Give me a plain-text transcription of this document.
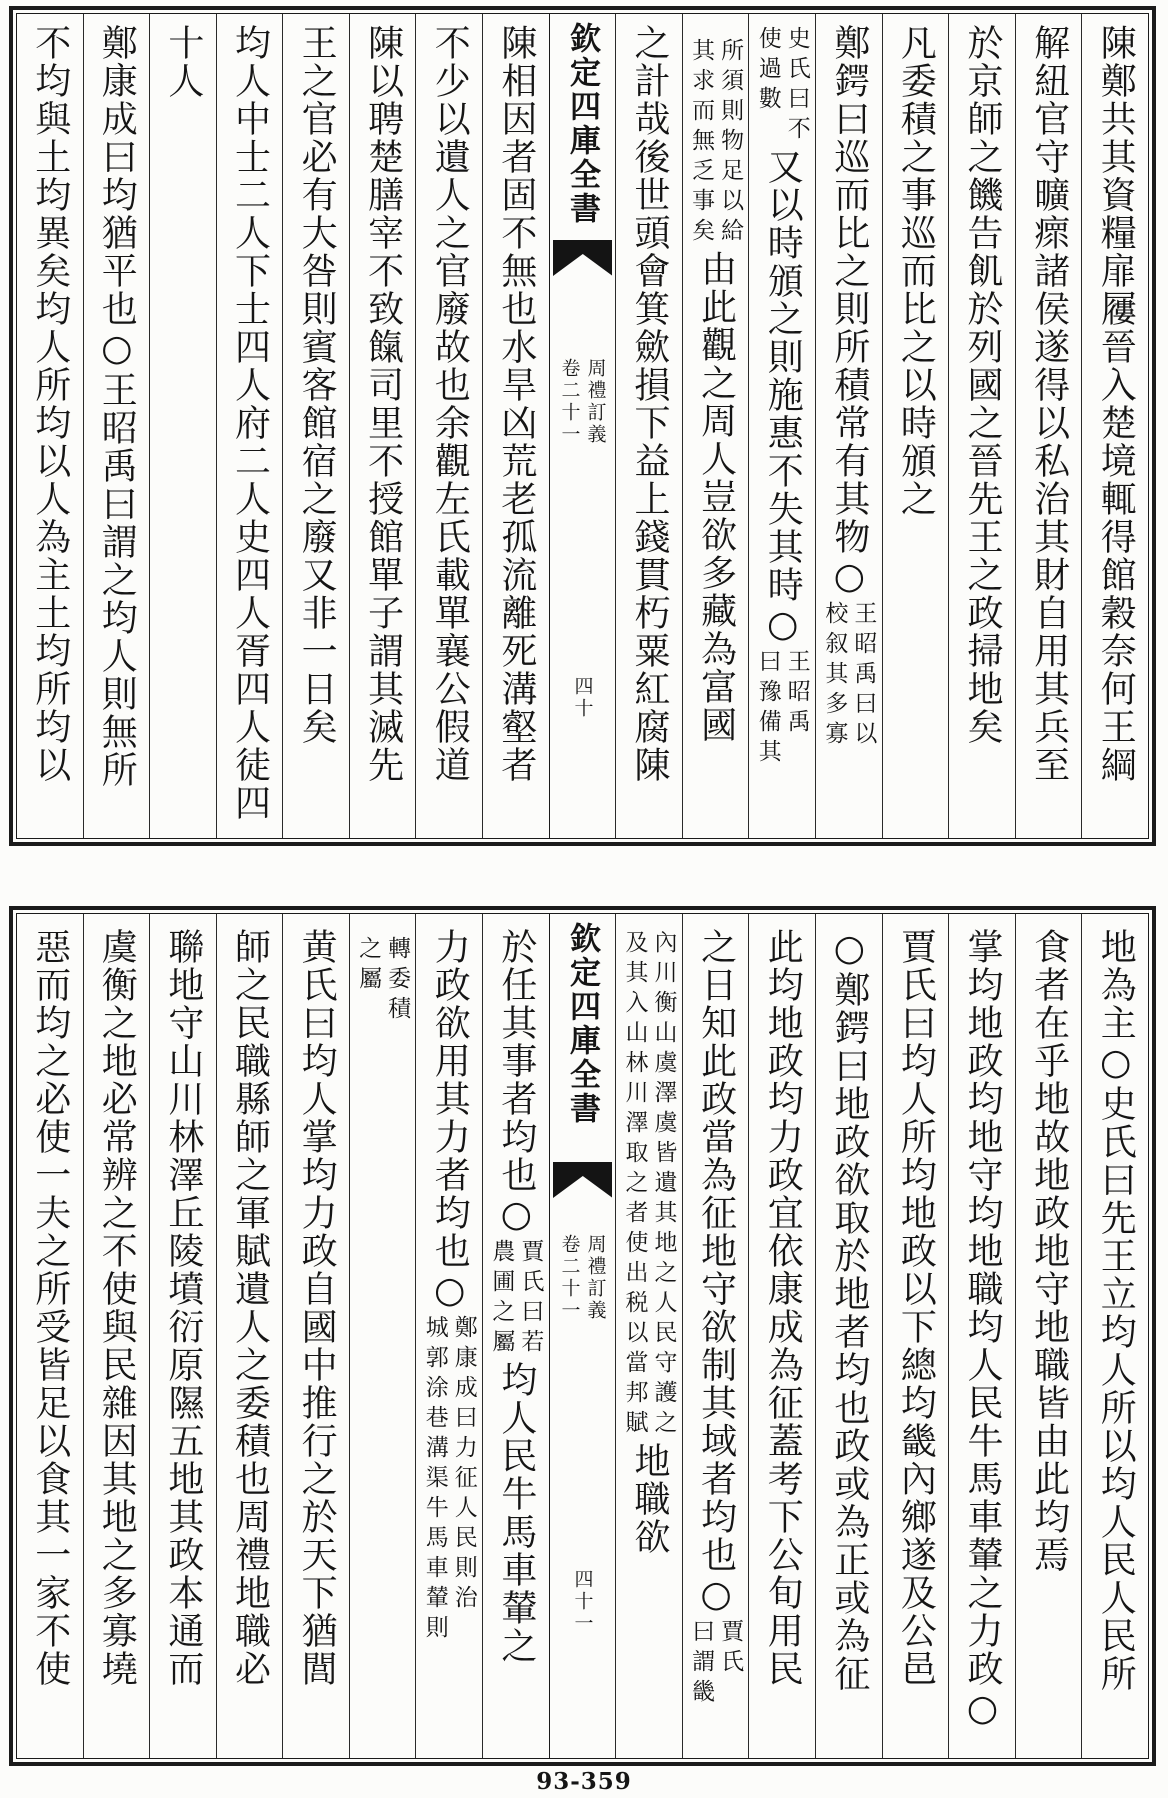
陳鄭共其資糧扉屨晉入楚境輒得館穀奈何王綱
解紐官守曠瘝諸侯遂得以私治其財自用其兵至
於京師之饑告飢於列國之晉先王之政掃地矣
凡委積之事巡而比之以時頒之
鄭鍔曰巡而比之則所積常有其物○
王昭禹曰以
校叙其多寡
史氏曰不
使過數
又以時頒之則施惠不失其時○
王昭禹
曰豫備其
所須則物足以給
其求而無乏事矣
由此觀之周人豈欲多藏為富國
之計哉後世頭會箕歛損下益上錢貫朽粟紅腐陳
欽定四庫全書
周禮訂義
卷二十一
四十
陳相因者固不無也水旱凶荒老孤流離死溝壑者
不少以遺人之官廢故也余觀左氏載單襄公假道
陳以聘楚膳宰不致餼司里不授館單子謂其滅先
王之官必有大咎則賓客館宿之廢又非一日矣
均人中士二人下士四人府二人史四人胥四人徒四
十人
鄭康成曰均猶平也○王昭禹曰謂之均人則無所
不均與土均異矣均人所均以人為主土均所均以
地為主○史氏曰先王立均人所以均人民人民所
食者在乎地故地政地守地職皆由此均焉
掌均地政均地守均地職均人民牛馬車輦之力政○
賈氏曰均人所均地政以下總均畿內鄉遂及公邑
○鄭鍔曰地政欲取於地者均也政或為正或為征
此均地政均力政宜依康成為征蓋考下公旬用民
之日知此政當為征地守欲制其域者均也○
賈氏
曰謂畿
內川衡山虞澤虞皆遺其地之人民守護之
及其入山林川澤取之者使出税以當邦賦
地職欲
欽定四庫全書
周禮訂義
卷二十一
四十一
於任其事者均也○
賈氏曰若
農圃之屬
均人民牛馬車輦之
力政欲用其力者均也○
鄭康成曰力征人民則治
城郭涂巷溝渠牛馬車輦則
轉委積
之屬
黄氏曰均人掌均力政自國中推行之於天下猶閭
師之民職縣師之軍賦遺人之委積也周禮地職必
聯地守山川林澤丘陵墳衍原隰五地其政本通而
虞衡之地必常辨之不使與民雜因其地之多寡墝
惡而均之必使一夫之所受皆足以食其一家不使
93-359
